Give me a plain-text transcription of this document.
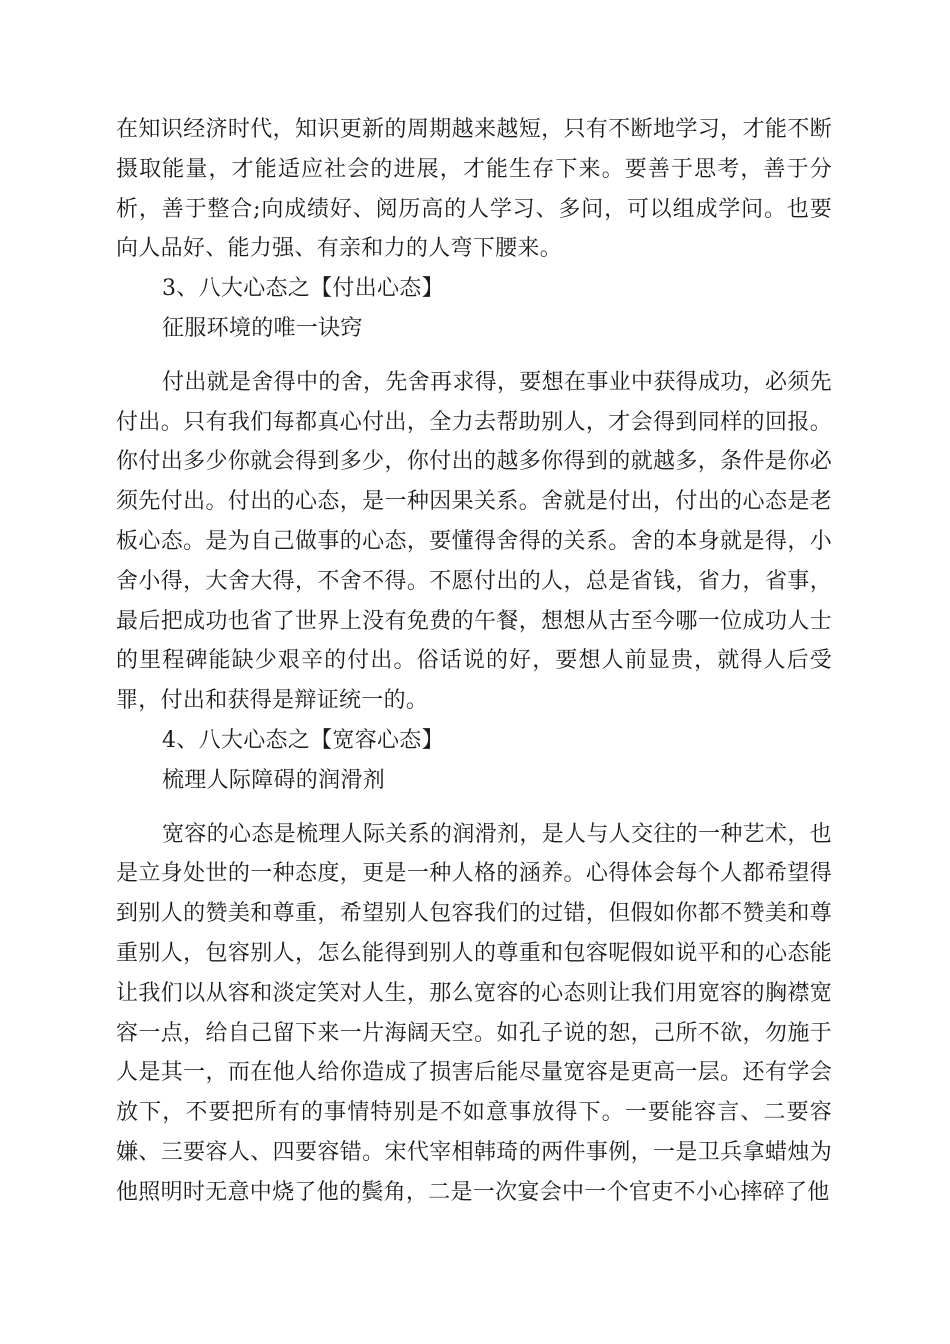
在知识经济时代，知识更新的周期越来越短，只有不断地学习，才能不断摄取能量，才能适应社会的进展，才能生存下来。要善于思考，善于分析，善于整合;向成绩好、阅历高的人学习、多问，可以组成学问。也要向人品好、能力强、有亲和力的人弯下腰来。

3、八大心态之【付出心态】

征服环境的唯一诀窍

付出就是舍得中的舍，先舍再求得，要想在事业中获得成功，必须先付出。只有我们每都真心付出，全力去帮助别人，才会得到同样的回报。你付出多少你就会得到多少，你付出的越多你得到的就越多，条件是你必须先付出。付出的心态，是一种因果关系。舍就是付出，付出的心态是老板心态。是为自己做事的心态，要懂得舍得的关系。舍的本身就是得，小舍小得，大舍大得，不舍不得。不愿付出的人，总是省钱，省力，省事，最后把成功也省了世界上没有免费的午餐，想想从古至今哪一位成功人士的里程碑能缺少艰辛的付出。俗话说的好，要想人前显贵，就得人后受罪，付出和获得是辩证统一的。

4、八大心态之【宽容心态】

梳理人际障碍的润滑剂

宽容的心态是梳理人际关系的润滑剂，是人与人交往的一种艺术，也是立身处世的一种态度，更是一种人格的涵养。心得体会每个人都希望得到别人的赞美和尊重，希望别人包容我们的过错，但假如你都不赞美和尊重别人，包容别人，怎么能得到别人的尊重和包容呢假如说平和的心态能让我们以从容和淡定笑对人生，那么宽容的心态则让我们用宽容的胸襟宽容一点，给自己留下来一片海阔天空。如孔子说的恕，己所不欲，勿施于人是其一，而在他人给你造成了损害后能尽量宽容是更高一层。还有学会放下，不要把所有的事情特别是不如意事放得下。一要能容言、二要容嫌、三要容人、四要容错。宋代宰相韩琦的两件事例，一是卫兵拿蜡烛为他照明时无意中烧了他的鬓角，二是一次宴会中一个官吏不小心摔碎了他
